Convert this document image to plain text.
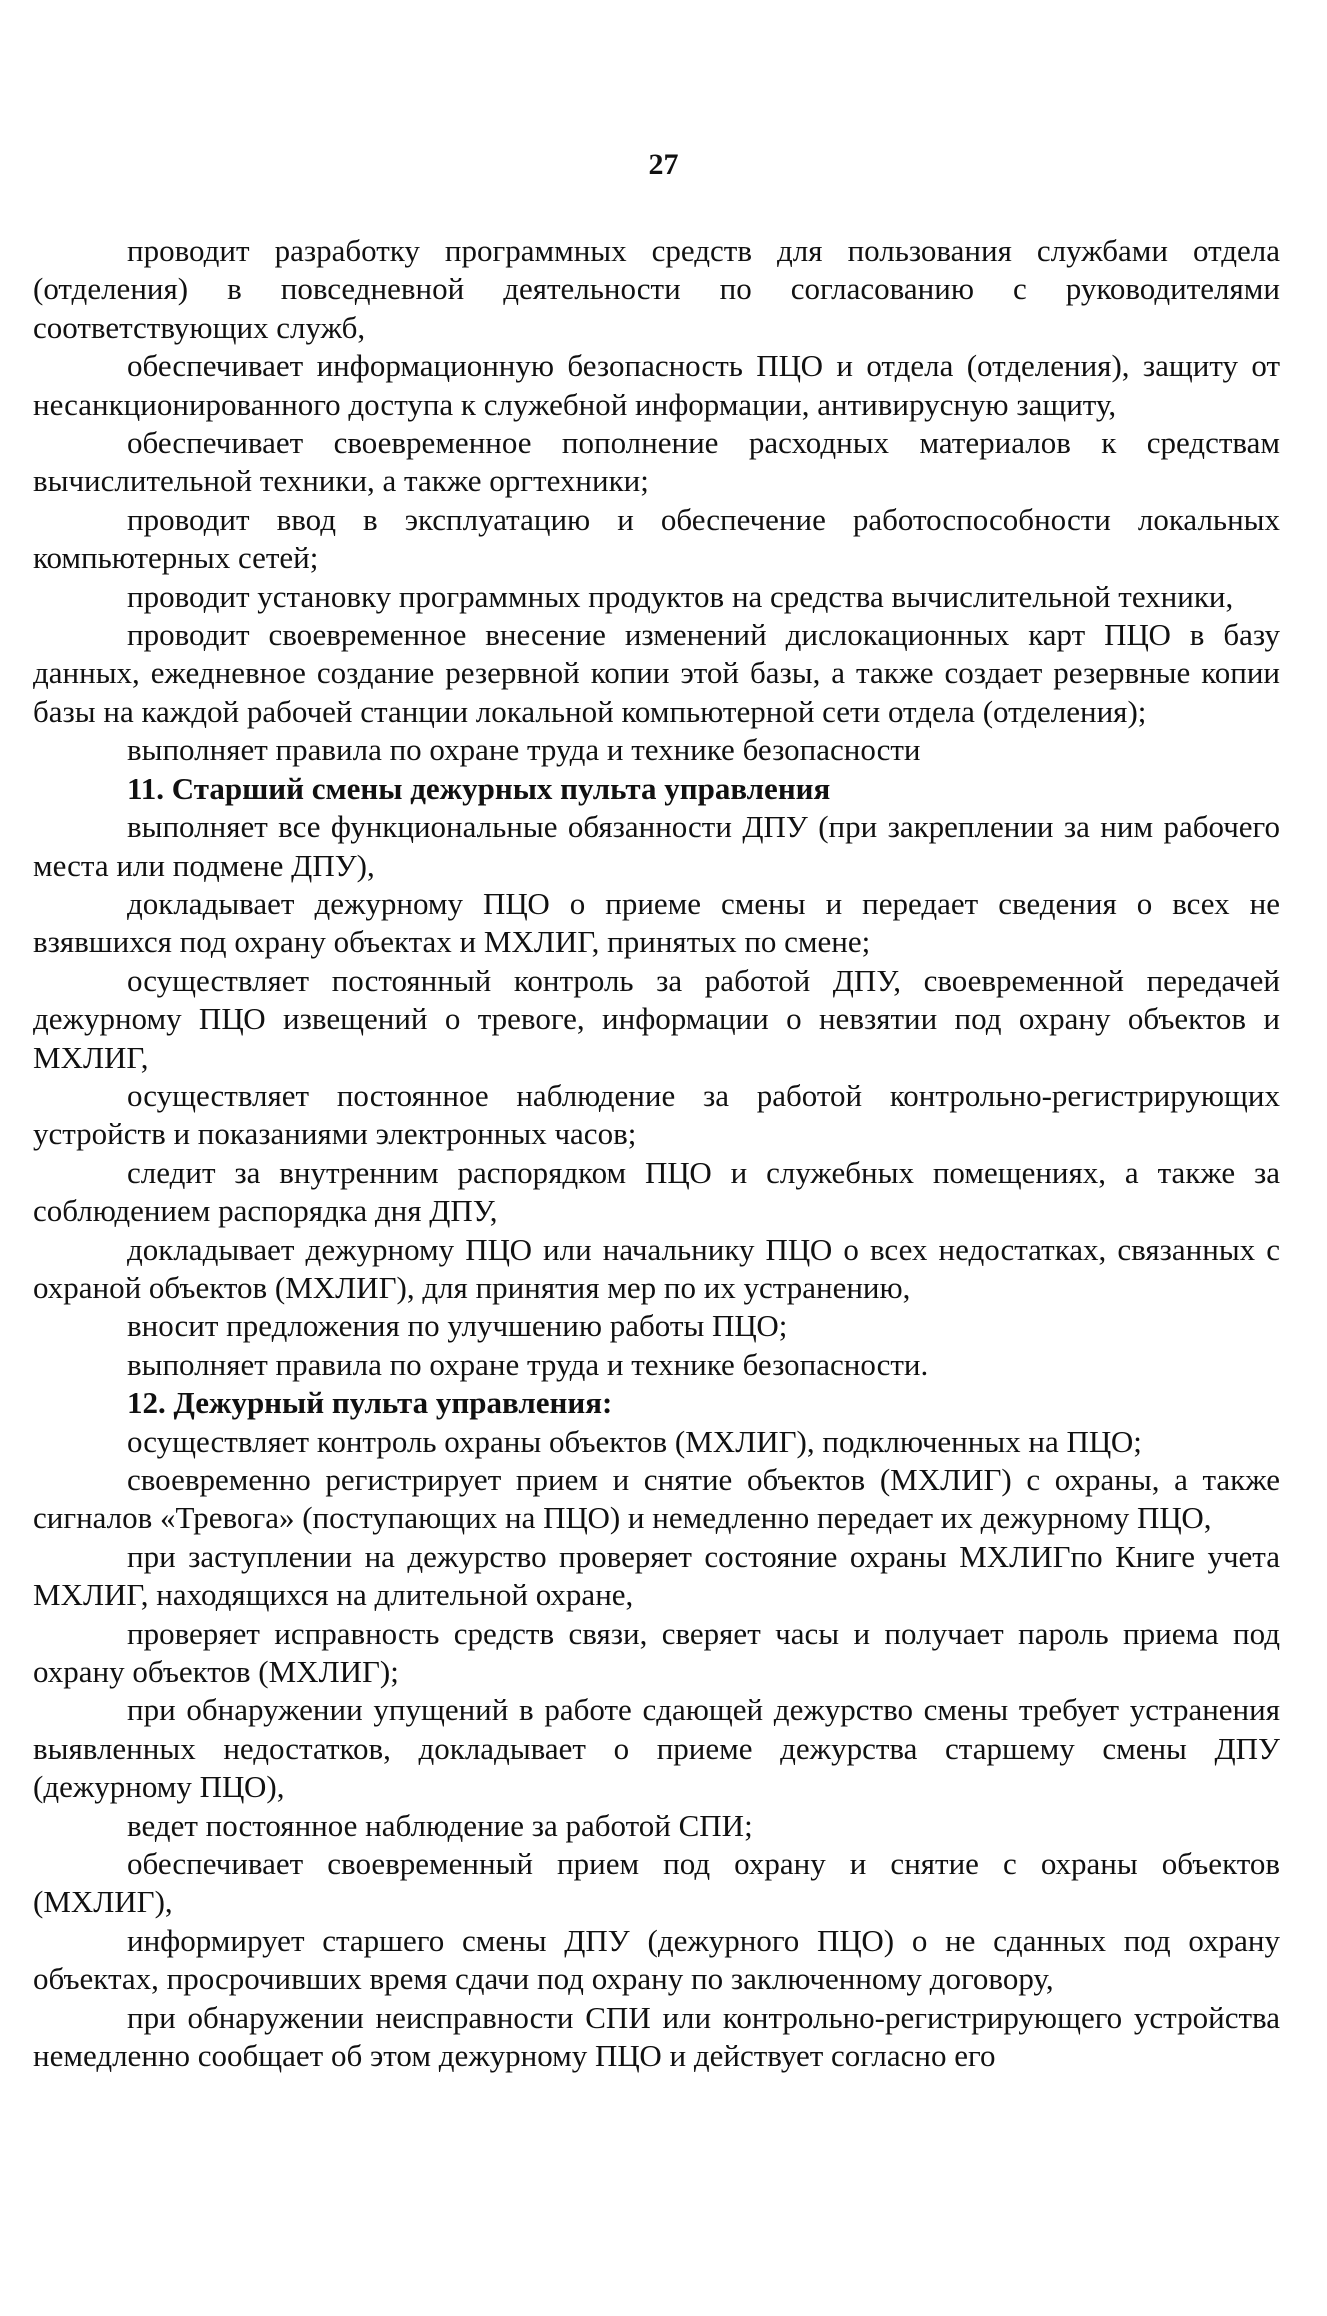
27

проводит разработку программных средств для пользования службами отдела (отделения) в повседневной деятельности по согласованию с руководителями соответствующих служб,

обеспечивает информационную безопасность ПЦО и отдела (отделения), защиту от несанкционированного доступа к служебной информации, антивирусную защиту,

обеспечивает своевременное пополнение расходных материалов к средствам вычислительной техники, а также оргтехники;

проводит ввод в эксплуатацию и обеспечение работоспособности локальных компьютерных сетей;

проводит установку программных продуктов на средства вычислительной техники,

проводит своевременное внесение изменений дислокационных карт ПЦО в базу данных, ежедневное создание резервной копии этой базы, а также создает резервные копии базы на каждой рабочей станции локальной компьютерной сети отдела (отделения);

выполняет правила по охране труда и технике безопасности

11. Старший смены дежурных пульта управления

выполняет все функциональные обязанности ДПУ (при закреплении за ним рабочего места или подмене ДПУ),

докладывает дежурному ПЦО о приеме смены и передает сведения о всех не взявшихся под охрану объектах и МХЛИГ, принятых по смене;

осуществляет постоянный контроль за работой ДПУ, своевременной передачей дежурному ПЦО извещений о тревоге, информации о невзятии под охрану объектов и МХЛИГ,

осуществляет постоянное наблюдение за работой контрольно-регистрирующих устройств и показаниями электронных часов;

следит за внутренним распорядком ПЦО и служебных помещениях, а также за соблюдением распорядка дня ДПУ,

докладывает дежурному ПЦО или начальнику ПЦО о всех недостатках, связанных с охраной объектов (МХЛИГ), для принятия мер по их устранению,

вносит предложения по улучшению работы ПЦО;

выполняет правила по охране труда и технике безопасности.

12. Дежурный пульта управления:

осуществляет контроль охраны объектов (МХЛИГ), подключенных на ПЦО;

своевременно регистрирует прием и снятие объектов (МХЛИГ) с охраны, а также сигналов «Тревога» (поступающих на ПЦО) и немедленно передает их дежурному ПЦО,

при заступлении на дежурство проверяет состояние охраны МХЛИГпо Книге учета МХЛИГ, находящихся на длительной охране,

проверяет исправность средств связи, сверяет часы и получает пароль приема под охрану объектов (МХЛИГ);

при обнаружении упущений в работе сдающей дежурство смены требует устранения выявленных недостатков, докладывает о приеме дежурства старшему смены ДПУ (дежурному ПЦО),

ведет постоянное наблюдение за работой СПИ;

обеспечивает своевременный прием под охрану и снятие с охраны объектов (МХЛИГ),

информирует старшего смены ДПУ (дежурного ПЦО) о не сданных под охрану объектах, просрочивших время сдачи под охрану по заключенному договору,

при обнаружении неисправности СПИ или контрольно-регистрирующего устройства немедленно сообщает об этом дежурному ПЦО и действует согласно его
